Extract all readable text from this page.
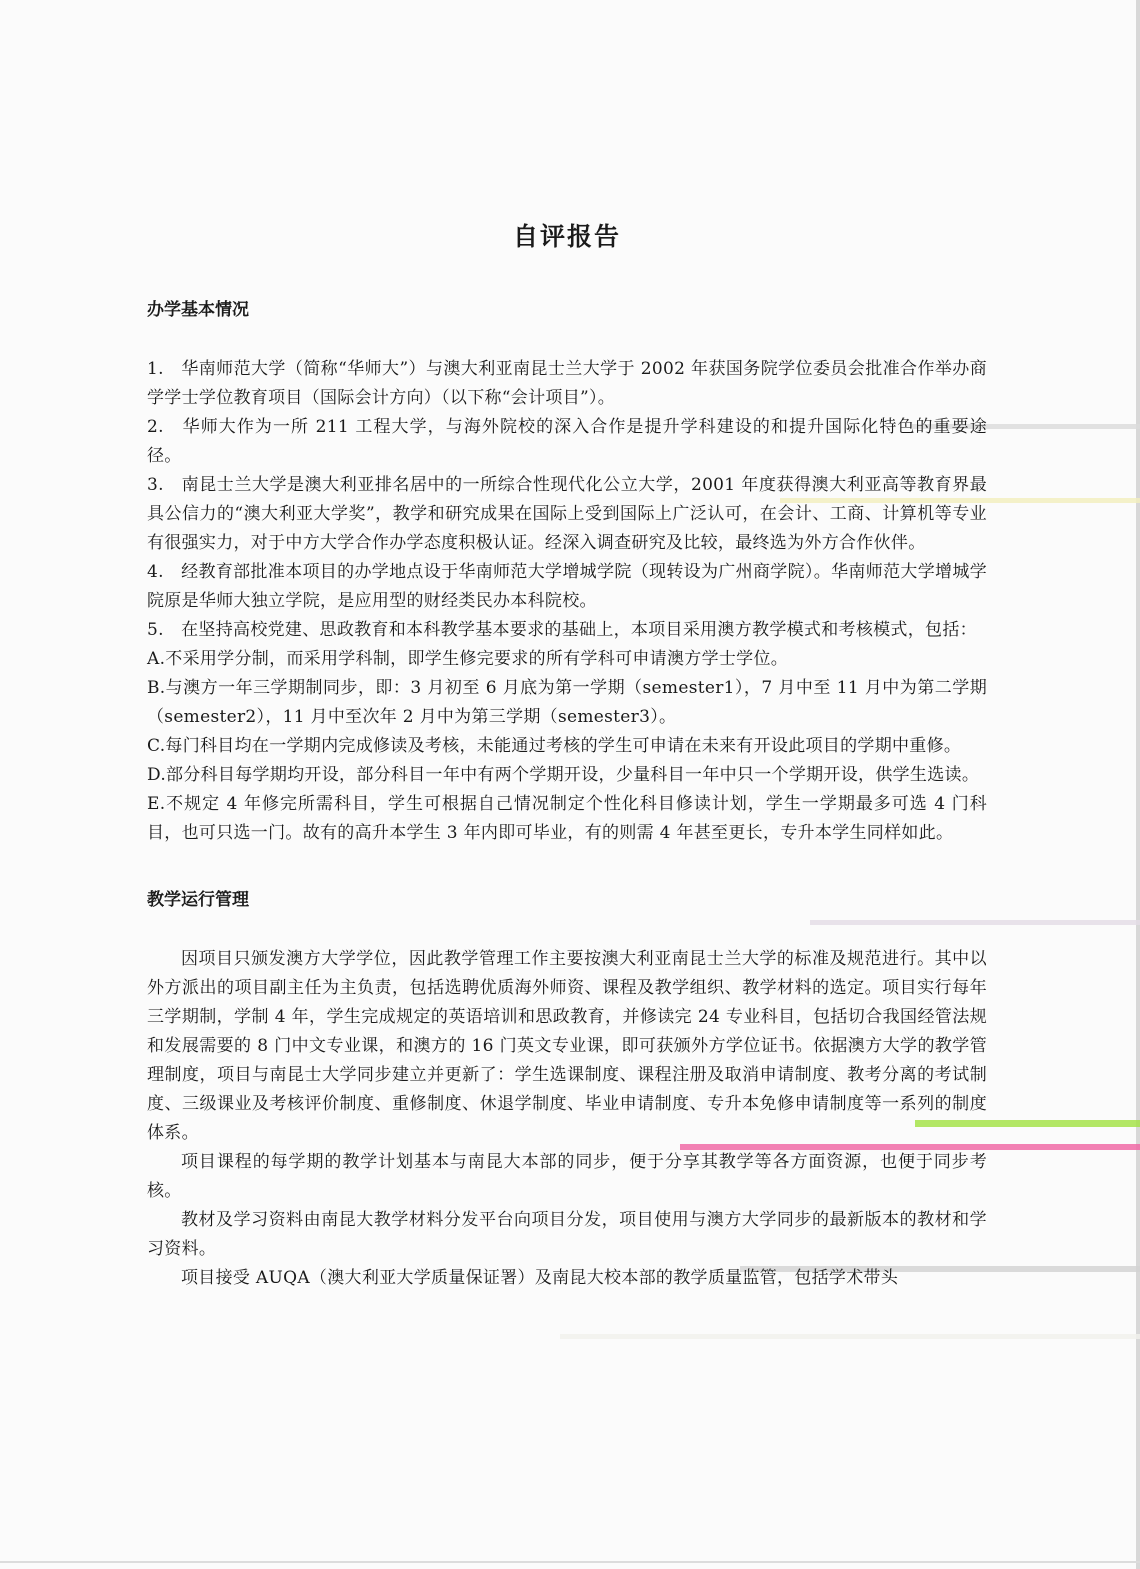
自评报告
办学基本情况

1.　华南师范大学（简称“华师大”）与澳大利亚南昆士兰大学于 2002 年获国务院学位委员会批准合作举办商学学士学位教育项目（国际会计方向）（以下称“会计项目”）。

2.　华师大作为一所 211 工程大学，与海外院校的深入合作是提升学科建设的和提升国际化特色的重要途径。

3.　南昆士兰大学是澳大利亚排名居中的一所综合性现代化公立大学，2001 年度获得澳大利亚高等教育界最具公信力的“澳大利亚大学奖”，教学和研究成果在国际上受到国际上广泛认可，在会计、工商、计算机等专业有很强实力，对于中方大学合作办学态度积极认证。经深入调查研究及比较，最终选为外方合作伙伴。

4.　经教育部批准本项目的办学地点设于华南师范大学增城学院（现转设为广州商学院）。华南师范大学增城学院原是华师大独立学院，是应用型的财经类民办本科院校。

5.　在坚持高校党建、思政教育和本科教学基本要求的基础上，本项目采用澳方教学模式和考核模式，包括：

A.不采用学分制，而采用学科制，即学生修完要求的所有学科可申请澳方学士学位。

B.与澳方一年三学期制同步，即：3 月初至 6 月底为第一学期（semester1），7 月中至 11 月中为第二学期（semester2），11 月中至次年 2 月中为第三学期（semester3）。

C.每门科目均在一学期内完成修读及考核，未能通过考核的学生可申请在未来有开设此项目的学期中重修。

D.部分科目每学期均开设，部分科目一年中有两个学期开设，少量科目一年中只一个学期开设，供学生选读。

E.不规定 4 年修完所需科目，学生可根据自己情况制定个性化科目修读计划，学生一学期最多可选 4 门科目，也可只选一门。故有的高升本学生 3 年内即可毕业，有的则需 4 年甚至更长，专升本学生同样如此。

教学运行管理

因项目只颁发澳方大学学位，因此教学管理工作主要按澳大利亚南昆士兰大学的标准及规范进行。其中以外方派出的项目副主任为主负责，包括选聘优质海外师资、课程及教学组织、教学材料的选定。项目实行每年三学期制，学制 4 年，学生完成规定的英语培训和思政教育，并修读完 24 专业科目，包括切合我国经管法规和发展需要的 8 门中文专业课，和澳方的 16 门英文专业课，即可获颁外方学位证书。依据澳方大学的教学管理制度，项目与南昆士大学同步建立并更新了：学生选课制度、课程注册及取消申请制度、教考分离的考试制度、三级课业及考核评价制度、重修制度、休退学制度、毕业申请制度、专升本免修申请制度等一系列的制度体系。

项目课程的每学期的教学计划基本与南昆大本部的同步，便于分享其教学等各方面资源，也便于同步考核。

教材及学习资料由南昆大教学材料分发平台向项目分发，项目使用与澳方大学同步的最新版本的教材和学习资料。

项目接受 AUQA（澳大利亚大学质量保证署）及南昆大校本部的教学质量监管，包括学术带头
